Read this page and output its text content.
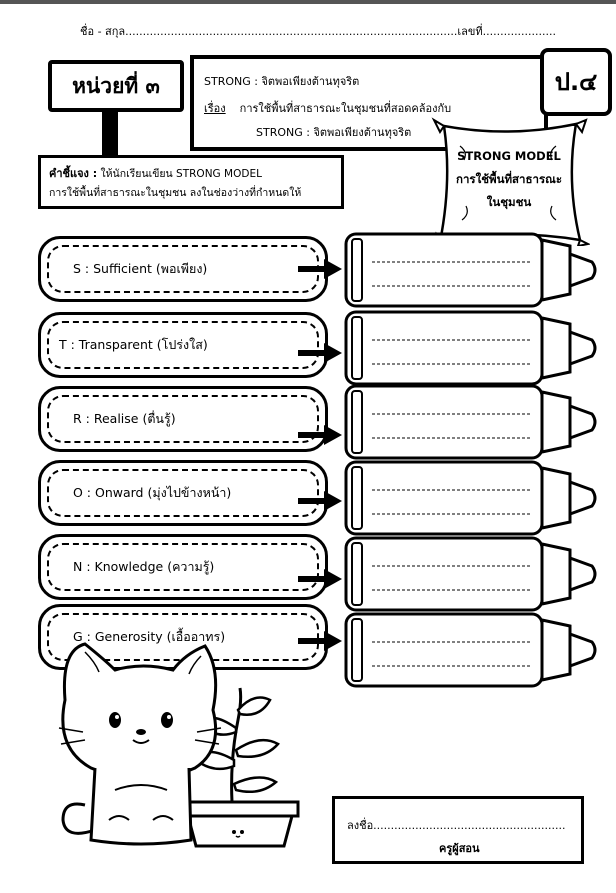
ชื่อ - สกุล...............................................................................................เลขที่.....................
หน่วยที่ ๓	STRONG : จิตพอเพียงต้านทุจริต
เรื่อง การใช้พื้นที่สาธารณะในชุมชนที่สอดคล้องกับ
STRONG : จิตพอเพียงต้านทุจริต
ป.๔
คำชี้แจง : ให้นักเรียนเขียน STRONG MODEL
การใช้พื้นที่สาธารณะในชุมชน ลงในช่องว่างที่กำหนดให้
STRONG MODEL
การใช้พื้นที่สาธารณะ
ในชุมชน
S : Sufficient (พอเพียง)
T : Transparent (โปร่งใส)
R : Realise (ตื่นรู้)
O : Onward (มุ่งไปข้างหน้า)
N : Knowledge (ความรู้)
G : Generosity (เอื้ออาทร)
ลงชื่อ.......................................................
ครูผู้สอน
